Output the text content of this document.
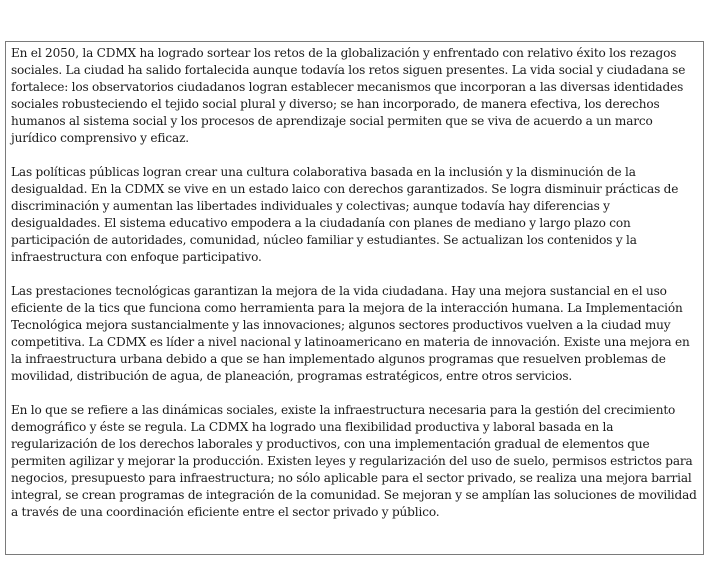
En el 2050, la CDMX ha logrado sortear los retos de la globalización y enfrentado con relativo éxito los rezagos sociales. La ciudad ha salido fortalecida aunque todavía los retos siguen presentes. La vida social y ciudadana se fortalece: los observatorios ciudadanos logran establecer mecanismos que incorporan a las diversas identidades sociales robusteciendo el tejido social plural y diverso; se han incorporado, de manera efectiva, los derechos humanos al sistema social y los procesos de aprendizaje social permiten que se viva de acuerdo a un marco jurídico comprensivo y eficaz.

Las políticas públicas logran crear una cultura colaborativa basada en la inclusión y la disminución de la desigualdad. En la CDMX se vive en un estado laico con derechos garantizados. Se logra disminuir prácticas de discriminación y aumentan las libertades individuales y colectivas; aunque todavía hay diferencias y desigualdades. El sistema educativo empodera a la ciudadanía con planes de mediano y largo plazo con participación de autoridades, comunidad, núcleo familiar y estudiantes. Se actualizan los contenidos y la infraestructura con enfoque participativo.

Las prestaciones tecnológicas garantizan la mejora de la vida ciudadana. Hay una mejora sustancial en el uso eficiente de la tics que funciona como herramienta para la mejora de la interacción humana. La Implementación Tecnológica mejora sustancialmente y las innovaciones; algunos sectores productivos vuelven a la ciudad muy competitiva. La CDMX es líder a nivel nacional y latinoamericano en materia de innovación. Existe una mejora en la infraestructura urbana debido a que se han implementado algunos programas que resuelven problemas de movilidad, distribución de agua, de planeación, programas estratégicos, entre otros servicios.

En lo que se refiere a las dinámicas sociales, existe la infraestructura necesaria para la gestión del crecimiento demográfico y éste se regula. La CDMX ha logrado una flexibilidad productiva y laboral basada en la regularización de los derechos laborales y productivos, con una implementación gradual de elementos que permiten agilizar y mejorar la producción. Existen leyes y regularización del uso de suelo, permisos estrictos para negocios, presupuesto para infraestructura; no sólo aplicable para el sector privado, se realiza una mejora barrial integral, se crean programas de integración de la comunidad. Se mejoran y se amplían las soluciones de movilidad a través de una coordinación eficiente entre el sector privado y público.
